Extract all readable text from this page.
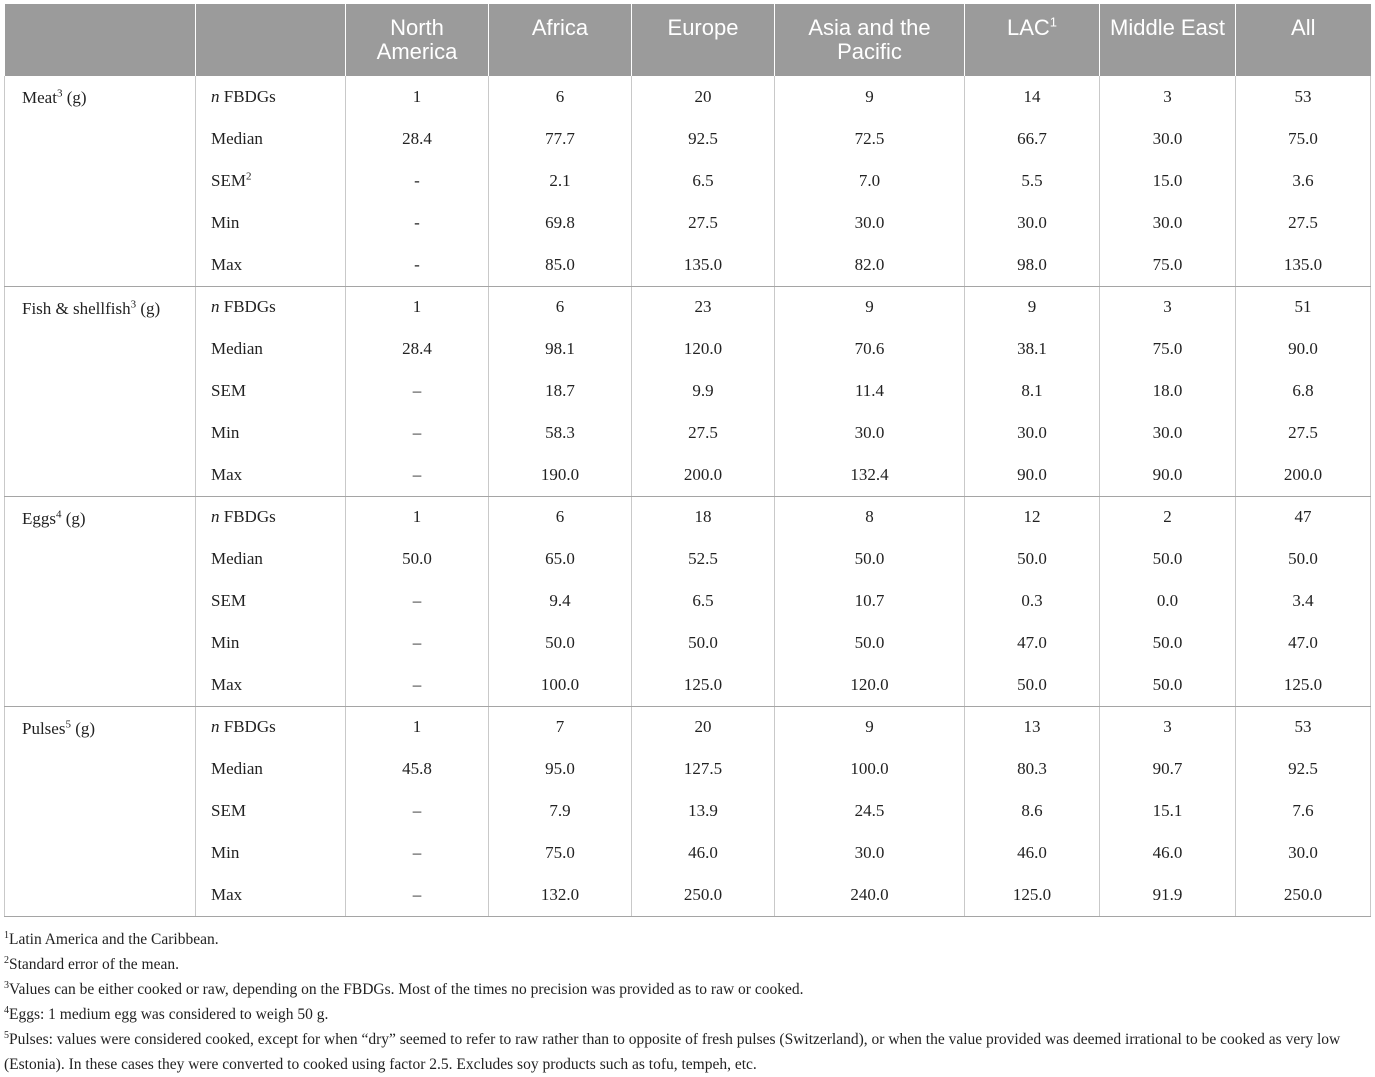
		North America	Africa	Europe	Asia and the Pacific	LAC$^1$	Middle East	All
Meat$^3$ (g)	n FBDGs	1	6	20	9	14	3	53
	Median	28.4	77.7	92.5	72.5	66.7	30.0	75.0
	SEM$^2$	-	2.1	6.5	7.0	5.5	15.0	3.6
	Min	-	69.8	27.5	30.0	30.0	30.0	27.5
	Max	-	85.0	135.0	82.0	98.0	75.0	135.0
Fish & shellfish$^3$ (g)	n FBDGs	1	6	23	9	9	3	51
	Median	28.4	98.1	120.0	70.6	38.1	75.0	90.0
	SEM	–	18.7	9.9	11.4	8.1	18.0	6.8
	Min	–	58.3	27.5	30.0	30.0	30.0	27.5
	Max	–	190.0	200.0	132.4	90.0	90.0	200.0
Eggs$^4$ (g)	n FBDGs	1	6	18	8	12	2	47
	Median	50.0	65.0	52.5	50.0	50.0	50.0	50.0
	SEM	–	9.4	6.5	10.7	0.3	0.0	3.4
	Min	–	50.0	50.0	50.0	47.0	50.0	47.0
	Max	–	100.0	125.0	120.0	50.0	50.0	125.0
Pulses$^5$ (g)	n FBDGs	1	7	20	9	13	3	53
	Median	45.8	95.0	127.5	100.0	80.3	90.7	92.5
	SEM	–	7.9	13.9	24.5	8.6	15.1	7.6
	Min	–	75.0	46.0	30.0	46.0	46.0	30.0
	Max	–	132.0	250.0	240.0	125.0	91.9	250.0

$^1$Latin America and the Caribbean.

$^2$Standard error of the mean.

$^3$Values can be either cooked or raw, depending on the FBDGs. Most of the times no precision was provided as to raw or cooked.

$^4$Eggs: 1 medium egg was considered to weigh 50 g.

$^5$Pulses: values were considered cooked, except for when “dry” seemed to refer to raw rather than to opposite of fresh pulses (Switzerland), or when the value provided was deemed irrational to be cooked as very low (Estonia). In these cases they were converted to cooked using factor 2.5. Excludes soy products such as tofu, tempeh, etc.
